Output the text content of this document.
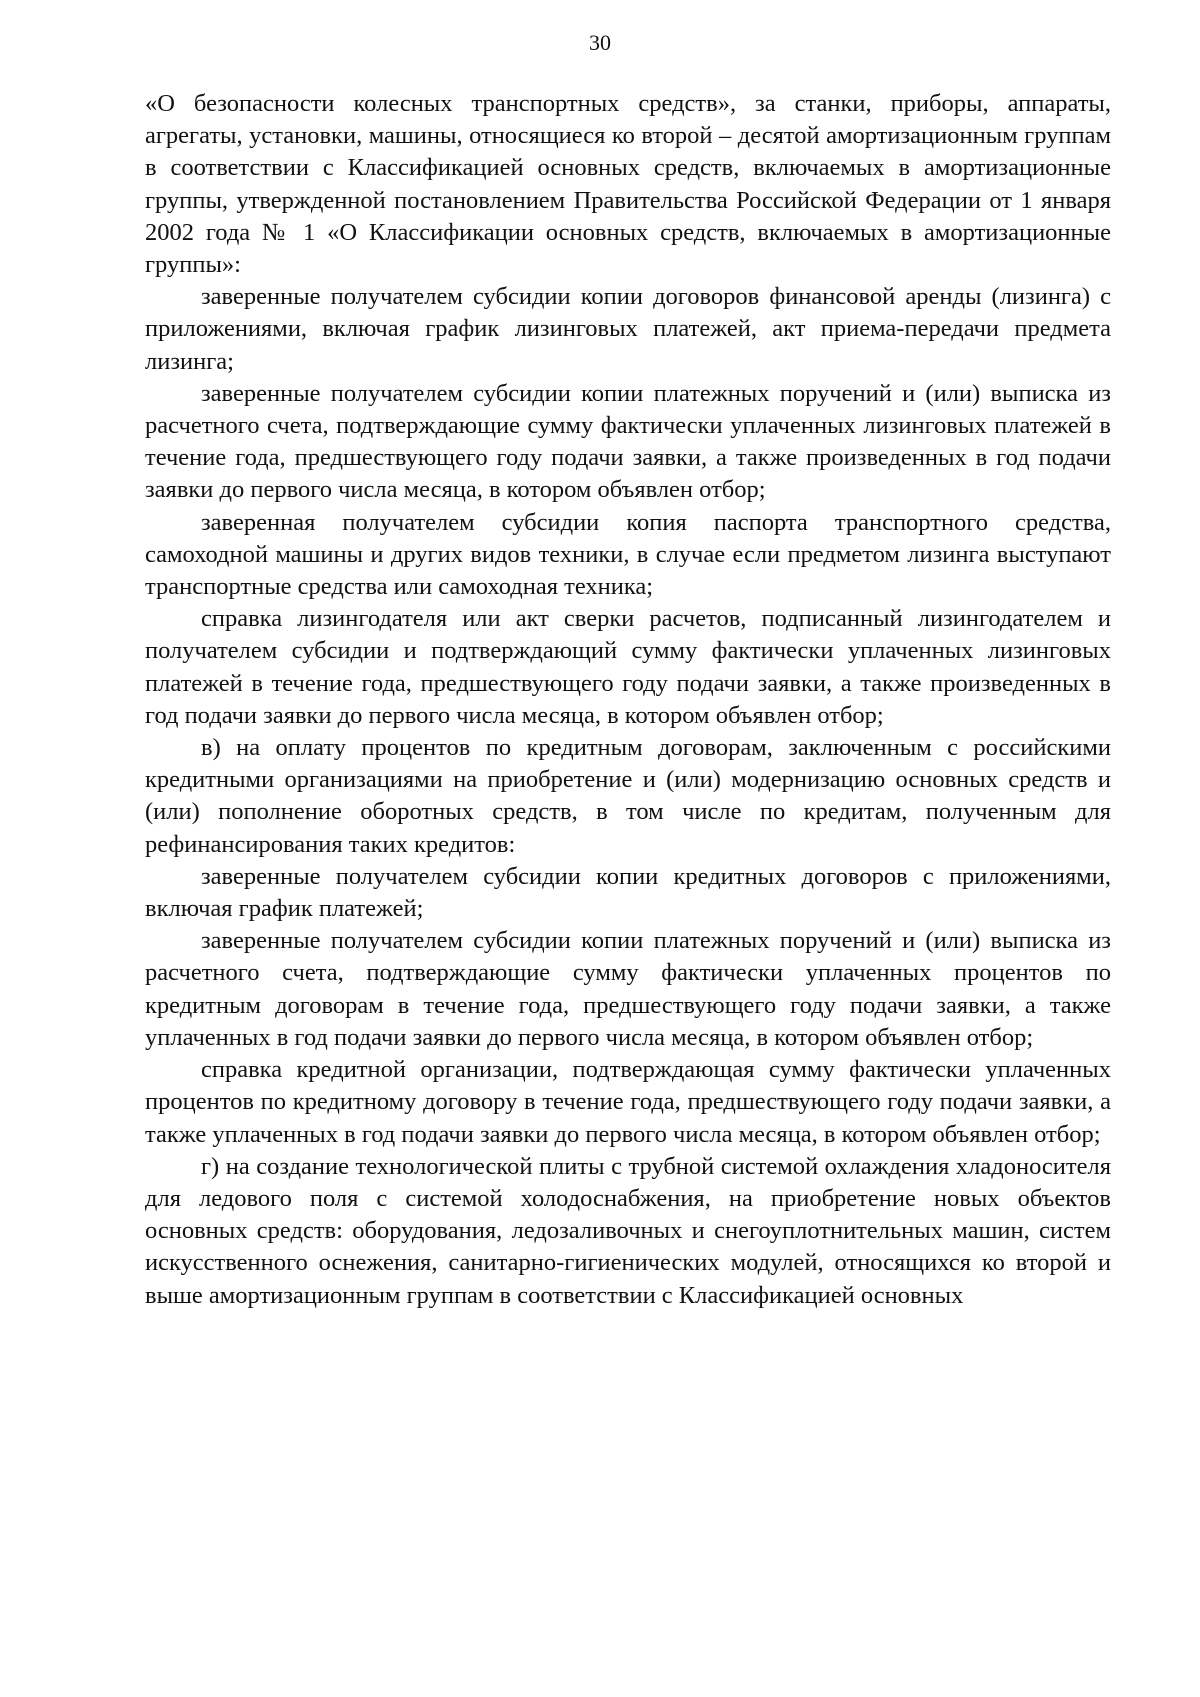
30

«О безопасности колесных транспортных средств», за станки, приборы, аппараты, агрегаты, установки, машины, относящиеся ко второй – десятой амортизационным группам в соответствии с Классификацией основных средств, включаемых в амортизационные группы, утвержденной постановлением Правительства Российской Федерации от 1 января 2002 года № 1 «О Классификации основных средств, включаемых в амортизационные группы»:

заверенные получателем субсидии копии договоров финансовой аренды (лизинга) с приложениями, включая график лизинговых платежей, акт приема-передачи предмета лизинга;

заверенные получателем субсидии копии платежных поручений и (или) выписка из расчетного счета, подтверждающие сумму фактически уплаченных лизинговых платежей в течение года, предшествующего году подачи заявки, а также произведенных в год подачи заявки до первого числа месяца, в котором объявлен отбор;

заверенная получателем субсидии копия паспорта транспортного средства, самоходной машины и других видов техники, в случае если предметом лизинга выступают транспортные средства или самоходная техника;

справка лизингодателя или акт сверки расчетов, подписанный лизингодателем и получателем субсидии и подтверждающий сумму фактически уплаченных лизинговых платежей в течение года, предшествующего году подачи заявки, а также произведенных в год подачи заявки до первого числа месяца, в котором объявлен отбор;

в) на оплату процентов по кредитным договорам, заключенным с российскими кредитными организациями на приобретение и (или) модернизацию основных средств и (или) пополнение оборотных средств, в том числе по кредитам, полученным для рефинансирования таких кредитов:

заверенные получателем субсидии копии кредитных договоров с приложениями, включая график платежей;

заверенные получателем субсидии копии платежных поручений и (или) выписка из расчетного счета, подтверждающие сумму фактически уплаченных процентов по кредитным договорам в течение года, предшествующего году подачи заявки, а также уплаченных в год подачи заявки до первого числа месяца, в котором объявлен отбор;

справка кредитной организации, подтверждающая сумму фактически уплаченных процентов по кредитному договору в течение года, предшествующего году подачи заявки, а также уплаченных в год подачи заявки до первого числа месяца, в котором объявлен отбор;

г) на создание технологической плиты с трубной системой охлаждения хладоносителя для ледового поля с системой холодоснабжения, на приобретение новых объектов основных средств: оборудования, ледозаливочных и снегоуплотнительных машин, систем искусственного оснежения, санитарно-гигиенических модулей, относящихся ко второй и выше амортизационным группам в соответствии с Классификацией основных
